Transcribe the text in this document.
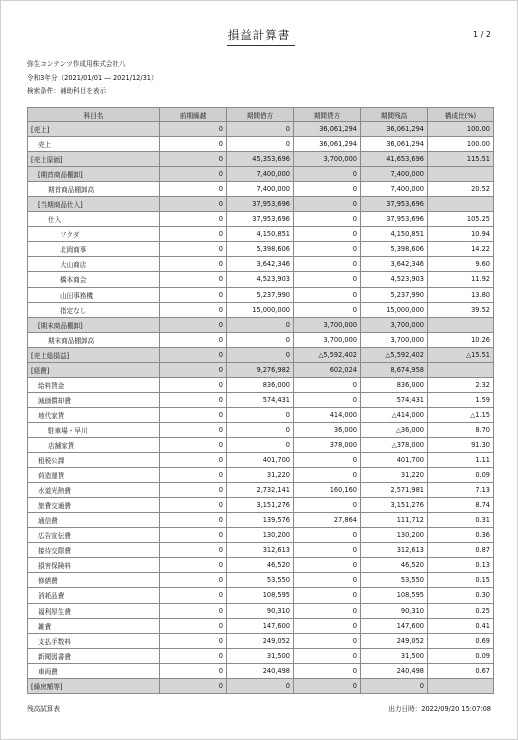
損益計算書	1 / 2
弥生コンテンツ作成用株式会社八
令和3年分（2021/01/01 ― 2021/12/31）
検索条件：補助科目を表示
科目名	前期繰越	期間借方	期間貸方	期間残高	構成比(%)
[売上]	0	0	36,061,294	36,061,294	100.00
売上	0	0	36,061,294	36,061,294	100.00
[売上原価]	0	45,353,696	3,700,000	41,653,696	115.51
[期首商品棚卸]	0	7,400,000	0	7,400,000	
期首商品棚卸高	0	7,400,000	0	7,400,000	20.52
[当期商品仕入]	0	37,953,696	0	37,953,696	
仕入	0	37,953,696	0	37,953,696	105.25
フクダ	0	4,150,851	0	4,150,851	10.94
北岡商事	0	5,398,606	0	5,398,606	14.22
大山商店	0	3,642,346	0	3,642,346	9.60
橋本商会	0	4,523,903	0	4,523,903	11.92
山田事務機	0	5,237,990	0	5,237,990	13.80
指定なし	0	15,000,000	0	15,000,000	39.52
[期末商品棚卸]	0	0	3,700,000	3,700,000	
期末商品棚卸高	0	0	3,700,000	3,700,000	10.26
[売上総損益]	0	0	△5,592,402	△5,592,402	△15.51
[経費]	0	9,276,982	602,024	8,674,958	
給料賃金	0	836,000	0	836,000	2.32
減価償却費	0	574,431	0	574,431	1.59
地代家賃	0	0	414,000	△414,000	△1.15
駐車場・早川	0	0	36,000	△36,000	8.70
店舗家賃	0	0	378,000	△378,000	91.30
租税公課	0	401,700	0	401,700	1.11
荷造運賃	0	31,220	0	31,220	0.09
水道光熱費	0	2,732,141	160,160	2,571,981	7.13
旅費交通費	0	3,151,276	0	3,151,276	8.74
通信費	0	139,576	27,864	111,712	0.31
広告宣伝費	0	130,200	0	130,200	0.36
接待交際費	0	312,613	0	312,613	0.87
損害保険料	0	46,520	0	46,520	0.13
修繕費	0	53,550	0	53,550	0.15
消耗品費	0	108,595	0	108,595	0.30
福利厚生費	0	90,310	0	90,310	0.25
雑費	0	147,600	0	147,600	0.41
支払手数料	0	249,052	0	249,052	0.69
新聞図書費	0	31,500	0	31,500	0.09
車両費	0	240,498	0	240,498	0.67
[繰戻額等]	0	0	0	0	
残高試算表	出力日時：2022/09/20 15:07:08
